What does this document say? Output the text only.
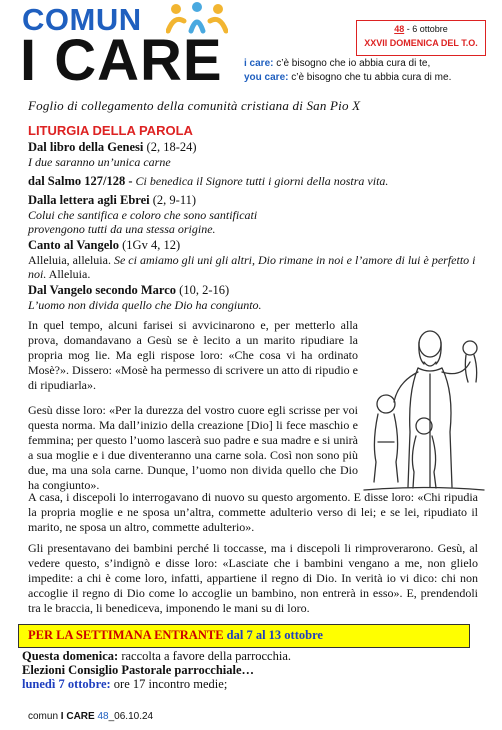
COMUN
I CARE	48 - 6 ottobre
XXVII DOMENICA DEL T.O.
i care: c’è bisogno che io abbia cura di te,
you care: c’è bisogno che tu abbia cura di me.
Foglio di collegamento della comunità cristiana di San Pio X
LITURGIA DELLA PAROLA
Dal libro della Genesi (2, 18-24)
I due saranno un’unica carne
dal Salmo 127/128 - Ci benedica il Signore tutti i giorni della nostra vita.
Dalla lettera agli Ebrei (2, 9-11)
Colui che santifica e coloro che sono santificati
provengono tutti da una stessa origine.
Canto al Vangelo (1Gv 4, 12)
Alleluia, alleluia. Se ci amiamo gli uni gli altri, Dio rimane in noi e l’amore di lui è perfetto i noi. Alleluia.
Dal Vangelo secondo Marco (10, 2-16)
L’uomo non divida quello che Dio ha congiunto.
In quel tempo, alcuni farisei si avvicinarono e, per metterlo alla prova, domandavano a Gesù se è lecito a un marito ripudiare la propria mog lie. Ma egli rispose loro: «Che cosa vi ha ordinato Mosè?». Dissero: «Mosè ha permesso di scrivere un atto di ripudio e di ripudiarla».
Gesù disse loro: «Per la durezza del vostro cuore egli scrisse per voi questa norma. Ma dall’inizio della creazione [Dio] li fece maschio e femmina; per questo l’uomo lascerà suo padre e sua madre e si unirà a sua moglie e i due diventeranno una carne sola. Così non sono più due, ma una sola carne. Dunque, l’uomo non divida quello che Dio ha congiunto».
A casa, i discepoli lo interrogavano di nuovo su questo argomento. E disse loro: «Chi ripudia la propria moglie e ne sposa un’altra, commette adulterio verso di lei; e se lei, ripudiato il marito, ne sposa un altro, commette adulterio».
Gli presentavano dei bambini perché li toccasse, ma i discepoli li rimproverarono. Gesù, al vedere questo, s’indignò e disse loro: «Lasciate che i bambini vengano a me, non glielo impedite: a chi è come loro, infatti, appartiene il regno di Dio. In verità io vi dico: chi non accoglie il regno di Dio come lo accoglie un bambino, non entrerà in esso». E, prendendoli tra le braccia, li benediceva, imponendo le mani su di loro.
PER LA SETTIMANA ENTRANTE dal 7 al 13 ottobre
Questa domenica: raccolta a favore della parrocchia.
Elezioni Consiglio Pastorale parrocchiale…
lunedì 7 ottobre: ore 17 incontro medie;
comun I CARE 48_06.10.24
